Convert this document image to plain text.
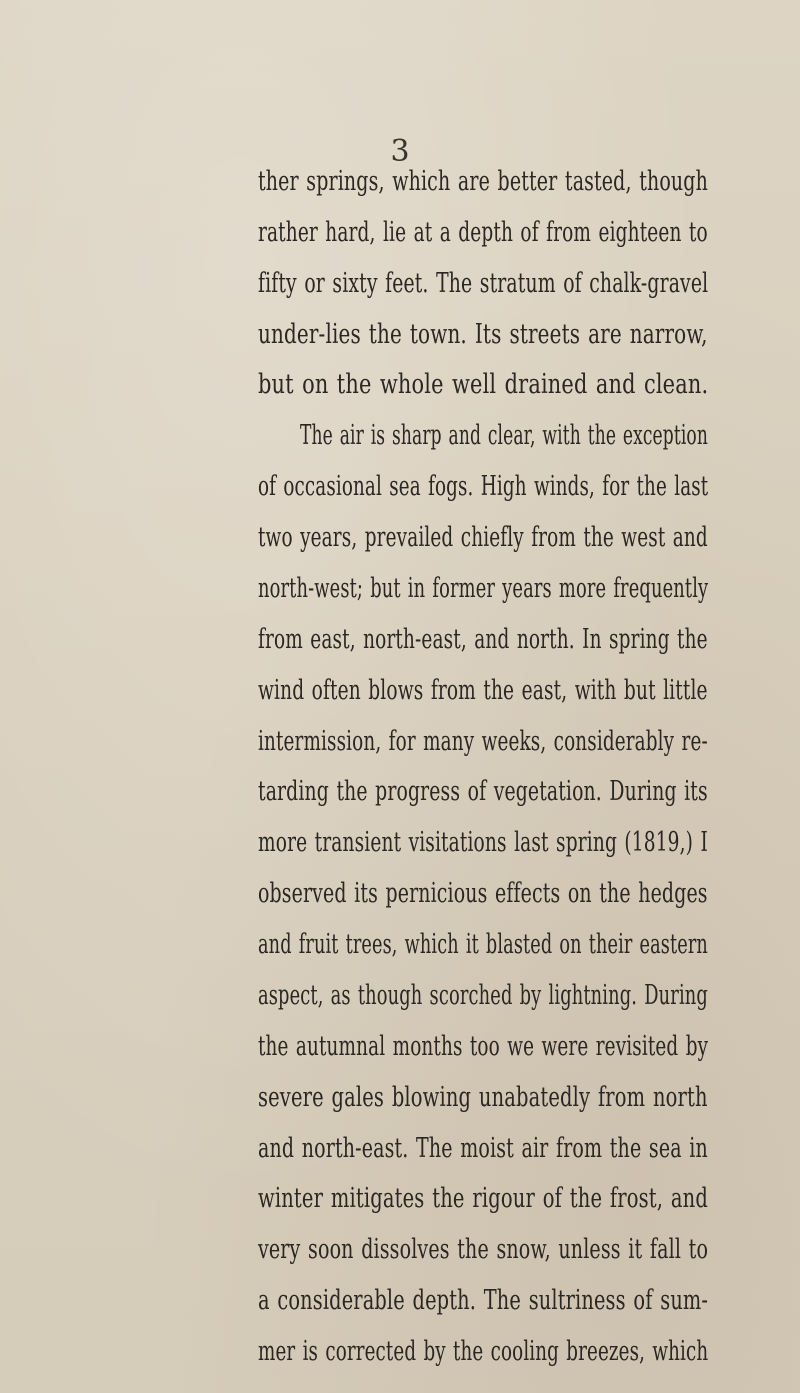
3
ther springs, which are better tasted, though
rather hard, lie at a depth of from eighteen to
fifty or sixty feet. The stratum of chalk-gravel
under-lies the town. Its streets are narrow,
but on the whole well drained and clean.
The air is sharp and clear, with the exception
of occasional sea fogs. High winds, for the last
two years, prevailed chiefly from the west and
north-west; but in former years more frequently
from east, north-east, and north. In spring the
wind often blows from the east, with but little
intermission, for many weeks, considerably re-
tarding the progress of vegetation. During its
more transient visitations last spring (1819,) I
observed its pernicious effects on the hedges
and fruit trees, which it blasted on their eastern
aspect, as though scorched by lightning. During
the autumnal months too we were revisited by
severe gales blowing unabatedly from north
and north-east. The moist air from the sea in
winter mitigates the rigour of the frost, and
very soon dissolves the snow, unless it fall to
a considerable depth. The sultriness of sum-
mer is corrected by the cooling breezes, which
